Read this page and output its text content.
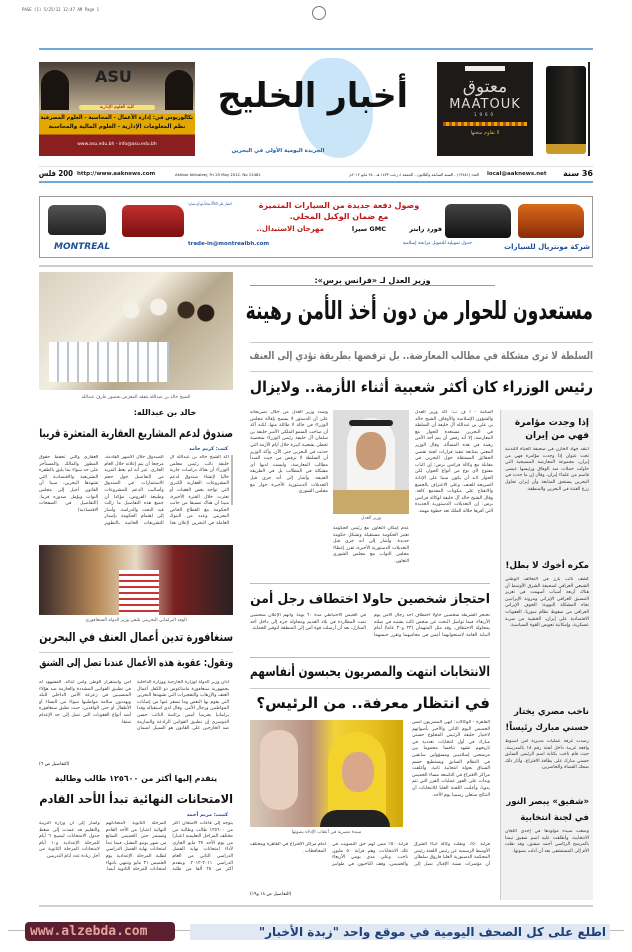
PAGE (1) 5/25/12 12:47 AM Page 1
ASU
كلية العلوم الإدارية
بكالوريوس في: إدارة الأعمال - المحاسبة - العلوم المصرفية
نظم المعلومات الإدارية - العلوم المالية والمحاسبة
www.asu.edu.bh - info@asu.edu.bh
أخبار الخليج
الجريدة اليومية الأولى في البحرين

معتوق
MAATOUK
1960
لا تقاوم متعتها
200 فلس http://www.aaknews.com	Akhbar Alkhaleej, Fri 25 May 2012. No 13481	العدد (١٣٤٨١) - السنة السابعة والثلاثون - الجمعة ٤ رجب ١٤٣٣ هـ - ٢٥ مايو ٢٠١٢م local@aaknews.net	36 سنة
احصل على iPad مجاناً مع أي سيارة	وصول دفعة جديدة من السيارات المتميزة
مع ضمان الوكيل المحلي.
مهرجان الاستبدال..	GMC سيرا	فورد رابتر
trade-in@montrealbh.com	جدول تمويلية للتمويل مرابحة إسلامية	شركة مونتريال للسيارات
MONTREAL
الشيخ خالد بن عبدالله يتفقد المعرض بحضور عارف عبدالله
وزير العدل لـ «فرانس برس»:
مستعدون للحوار من دون أخذ الأمن رهينة
السلطة لا ترى مشكلة في مطالب المعارضة.. بل ترفضها بطريقة تؤدي إلى العنف
رئيس الوزراء كان أكثر شعبية أثناء الأزمة.. ولايزال
المنامة - أ ف ب: أكد وزير العدل والشؤون الإسلامية والأوقاف الشيخ خالد بن علي بن عبدالله آل خليفة أن السلطة في البحرين مستعدة للحوار مع المعارضة، إلا أنه رفض أن يتم أخذ الأمن رهينة في هذه المسألة. وقال الوزير المعني بمتابعة تنفيذ قرارات لجنة تقصي الحقائق المستقلة حول البحرين في مقابلة مع وكالة فرانس برس: إن الباب مفتوح لأي نوع من أنواع الحوار، لكن الحوار لابد أن يكون مبنيا على الإدانة الصريحة للعنف، وعلى الاعتراف بالجميع والانفتاح على مكونات المجتمع كافة. وقال الشيخ خالد آل خليفة لوكالة فرانس برس: إن التعديلات الدستورية الجديدة التي أقرها جلالة الملك تعد خطوة مهمة.
وزير العدل
عدم إمكان التعاون مع رئيس الحكومة تعتبر الحكومة مستقيلة وتشكل حكومة جديدة. وأشار إلى أنه جرى قبل التعديلات الدستورية الأخيرة، تقرر إعطاء مجلس النواب مع مجلس الشورى التعاون.
وشدد وزير العدل من خلال تصريحاته على أن الدستور لا يسمح بإقالة مجلس الوزراء في حالة لا طائلة منها، لكنه أكد أن صاحب السمو الملكي الأمير خليفة بن سلمان آل خليفة رئيس الوزراء شخصية تحظى بشعبية كبيرة خلال أيام الأزمة التي حدثت في البحرين حتى الآن. وأكد الوزير أن السلطة لا ترفض من حيث المبدأ مطالب المعارضة، وليست لديها أي مشكلة في المطالب بل في الطريقة العنيفة. وأشار إلى أنه جرى قبل التعديلات الدستورية الأخيرة حوار مع مجلس الشورى.
خالد بن عبدالله:
صندوق لدعم المشاريع العقارية المتعثرة قريبا
كتب: كريم حامد
أكد الشيخ خالد بن عبدالله آل خليفة نائب رئيس مجلس الوزراء أن هناك دراسات جارية حاليا لإنشاء صندوق لدعم المشروعات العقارية الكبرى التي تواجه بعض العقبات أو تعثرت خلال الفترة الأخيرة، مبينا أن هناك تنسيقا من جانب الحكومة مع القطاع الخاص البحريني وعدد من البنوك العاملة في البحرين لإعلان هذا الصندوق خلال الأشهر القادمة، مرجحا أن يتم إعلانه خلال العام الجاري. غير أنه لم يعط المزيد من التفاصيل حول حجم الاستثمارات في الصندوق وأساليب الدعم للمشروعات وطبيعة القروض، مؤكدا أن جميع هذه التفاصيل ما زالت قيد البحث والدراسة. وأشار إلى اهتمام الحكومة بإصدار التشريعات الخاصة بالتطوير العقاري والتي تحفظ حقوق المطور والمالك والمستأجر على حد سواء بما يليق بالطفرة التشريعية والاقتصادية التي تشهدها البحرين، مبينا أن القانون أحيل إلى مجلس النواب ويؤمل صدوره قريبا. (التفاصيل في الصفحات الاقتصادية)
الوفد البرلماني البحريني يلتقي وزير الدولة السنغافوري
سنغافورة تدين أعمال العنف في البحرين
وتقول: عقوبة هذه الأعمال عندنا تصل إلى الشنق
أدان وزير الدولة لوزارة الخارجية ووزارة الداخلية بجمهورية سنغافورة ماساغوس ذو الكفل أعمال العنف والإرهاب والتفجيرات التي تشهدها البحرين التي يقوم بها البعض وما تسفر عنها من إصابات المواطنين ورجال الأمن. وقال لدى استقباله وفدا برلمانيا بحرينيا أمس برئاسة النائب حسن الدوسري إن تطبيق القوانين الرادعة والصارمة ضد الخارجين على القانون هو السبيل لضمان أمن واستقرار الوطن وأمن أبنائه. المشهود له في تطبيق القوانين المشددة والحازمة ضد هؤلاء المتسببين في زعزعة الأمن الداخلي للبلد ويهددون سلامة مواطنيها سواء من النساء أو الأطفال أو حتى الوافدين، حيث تطبق سنغافورة أشد أنواع العقوبات التي تصل إلى حد الإعدام شنقا.
(التفاصيل ص ٦)
يتقدم إليها أكثر من ١٢٥٦٠٠ طالب وطالبة
الامتحانات النهائية تبدأ الأحد القادم
كتبت: مريم أحمد
يتوجه إلى قاعات الامتحان أكثر من ١٢٥٦٠٠ طالب وطالبة من مختلف المراحل التعليمية اعتبارا من يوم الأحد ٢٧ مايو الجاري لأداء امتحانات نهاية الفصل الدراسي الثاني من العام الدراسي ٢٠١١-٢٠١٢. ويتقدم أكثر من ٢٨ ألفا من طلبة المرحلة الثانوية لامتحاناتهم النهائية اعتبارا من الأحد القادم وتستمر حتى الخميس السابع من شهر يونيو المقبل، فيما تبدأ امتحانات نهاية الفصل الدراسي لطلبة المرحلة الإعدادية يوم الخميس ٣١ مايو وتنتهي بانتهاء امتحانات المرحلة الثانوية أيضا. وأشار إلى أن وزارة التربية والتعليم قد عمدت إلى ضغط جدول الامتحانات ليصبح ٦ أيام للمرحلة الإعدادية و١٠ أيام لامتحانات المرحلة الثانوية من أجل زيادة عدد أيام التدريس.
احتجاز شخصين حاولا اختطاف رجل أمن
تحتجز الشرطة شخصين حاولا اختطاف أحد رجال الأمن يوم الأربعاء، فيما تواصل البحث عن شخص ثالث يشتبه في صلته بمحاولة الاختطاف. وقد مثل المتهمان (٢٣ و٣٠ عاما) أمام النيابة العامة لاستجوابهما أمس في محاميهما وتقرر حبسهما في الحبس الاحتياطي مدة ٦٠ يوما. واتهم الإعلان شخصين تمت المطاردة في بلاد القديم ومحاولة جره إلى داخل أحد المنازل، بعد أن أرسلت قوة أمن إلى المنطقة لتوفير الحماية.
الانتخابات انتهت والمصريون يحبسون أنفاسهم
في انتظار معرفة.. من الرئيس؟
سيدة مصرية في أعقاب الإدلاء بصوتها
القاهرة - الوكالات: أنهى المصريون أمس الخميس اليوم الثاني والأخير بأصواتهم لاختيار خليفة الرئيس المخلوع حسني مبارك في أول انتخابات تعددية في تاريخهم تشهد تنافسا محموما بين مرشحين إسلاميين ومسؤولين سابقين في النظام السابق ويستطيع حسم السباق بجولة انتخابية ثانية. وأغلقت مراكز الاقتراع في التاسعة مساء الخميس وبدأت على الفور عمليات الفرز التي تتم يدويا، وأعلنت اللجنة العليا للانتخابات أن النتائج ستعلن رسميا يوم الأحد.
قرابة ٥٠٪. ونقلت وكالة أنباء الشرق الأوسط الرسمية عن رئيس اللجنة رئيس المحكمة الدستورية العليا فاروق سلطان أن مؤشرات نسبة الإقبال تصل إلى قرابة ٥٠٪ ممن لهم حق التصويت في تلك الانتخابات، وهم قرابة ٥٠ مليون ناخب. وعلى مدى يومي الأربعاء والخميس، وقف الناخبون في طوابير أمام مراكز الاقتراع في القاهرة ومختلف المحافظات.
(التفاصيل ص ١٨ و١٩)
إذا وجدت مؤامرة
فهي من إيران
انتقد جهاد الخازن في صحيفة الحياة اللندنية تحت عنوان إذا وجدت مؤامرة فهي من إيران، مجموعة المعارضة المسيحية التي حاولت حملات ضد الوفاق ورئيسها عيسى قاسم من علماء إيران، وقال إن ما حدث في البحرين يستحق المتابعة وأن إيران تحاول زرع الفتنة في البحرين والمنطقة.
مكره أخوك لا بطل!
كشف نائب بارز في التحالف الوطني الشيعي العراقي لصحيفة الشرق الأوسط أن هناك أربعة أسباب أسهمت في تعزيز التنسيق العراقي الإيراني ومرونة الإيرانيين تجاه المشكلة النووية: الخوف الإيراني العراقي من سقوط نظام سوريا، العقوبات الاقتصادية على إيران، الخشية من ضربة عسكرية، وإمكانية تعويض القوة السياسية.
ناخب مصري يختار
حسني مبارك رئيساً!
رصدت غرفة عمليات مديرية أمن أسيوط واقعة غريبة داخل لجنة رقم ١٨ بالمدرسة، حيث قام ناخب بكتابة اسم الرئيس السابق حسني مبارك على بطاقة الاقتراع، وأثار ذلك ضحك القضاة والحاضرين.
«شفيق» يبصر النور
في لجنة انتخابية
وضعت سيدة مولودها في إحدى اللجان الانتخابية، وأطلقت عليه اسم شفيق تيمنا بالمرشح الرئاسي أحمد شفيق، وقد نقلت الأم إلى المستشفى بعد أن أدلت بصوتها.
www.alzebda.com	اطلع على كل الصحف اليومية في موقع واحد "زبدة الأخبار"
